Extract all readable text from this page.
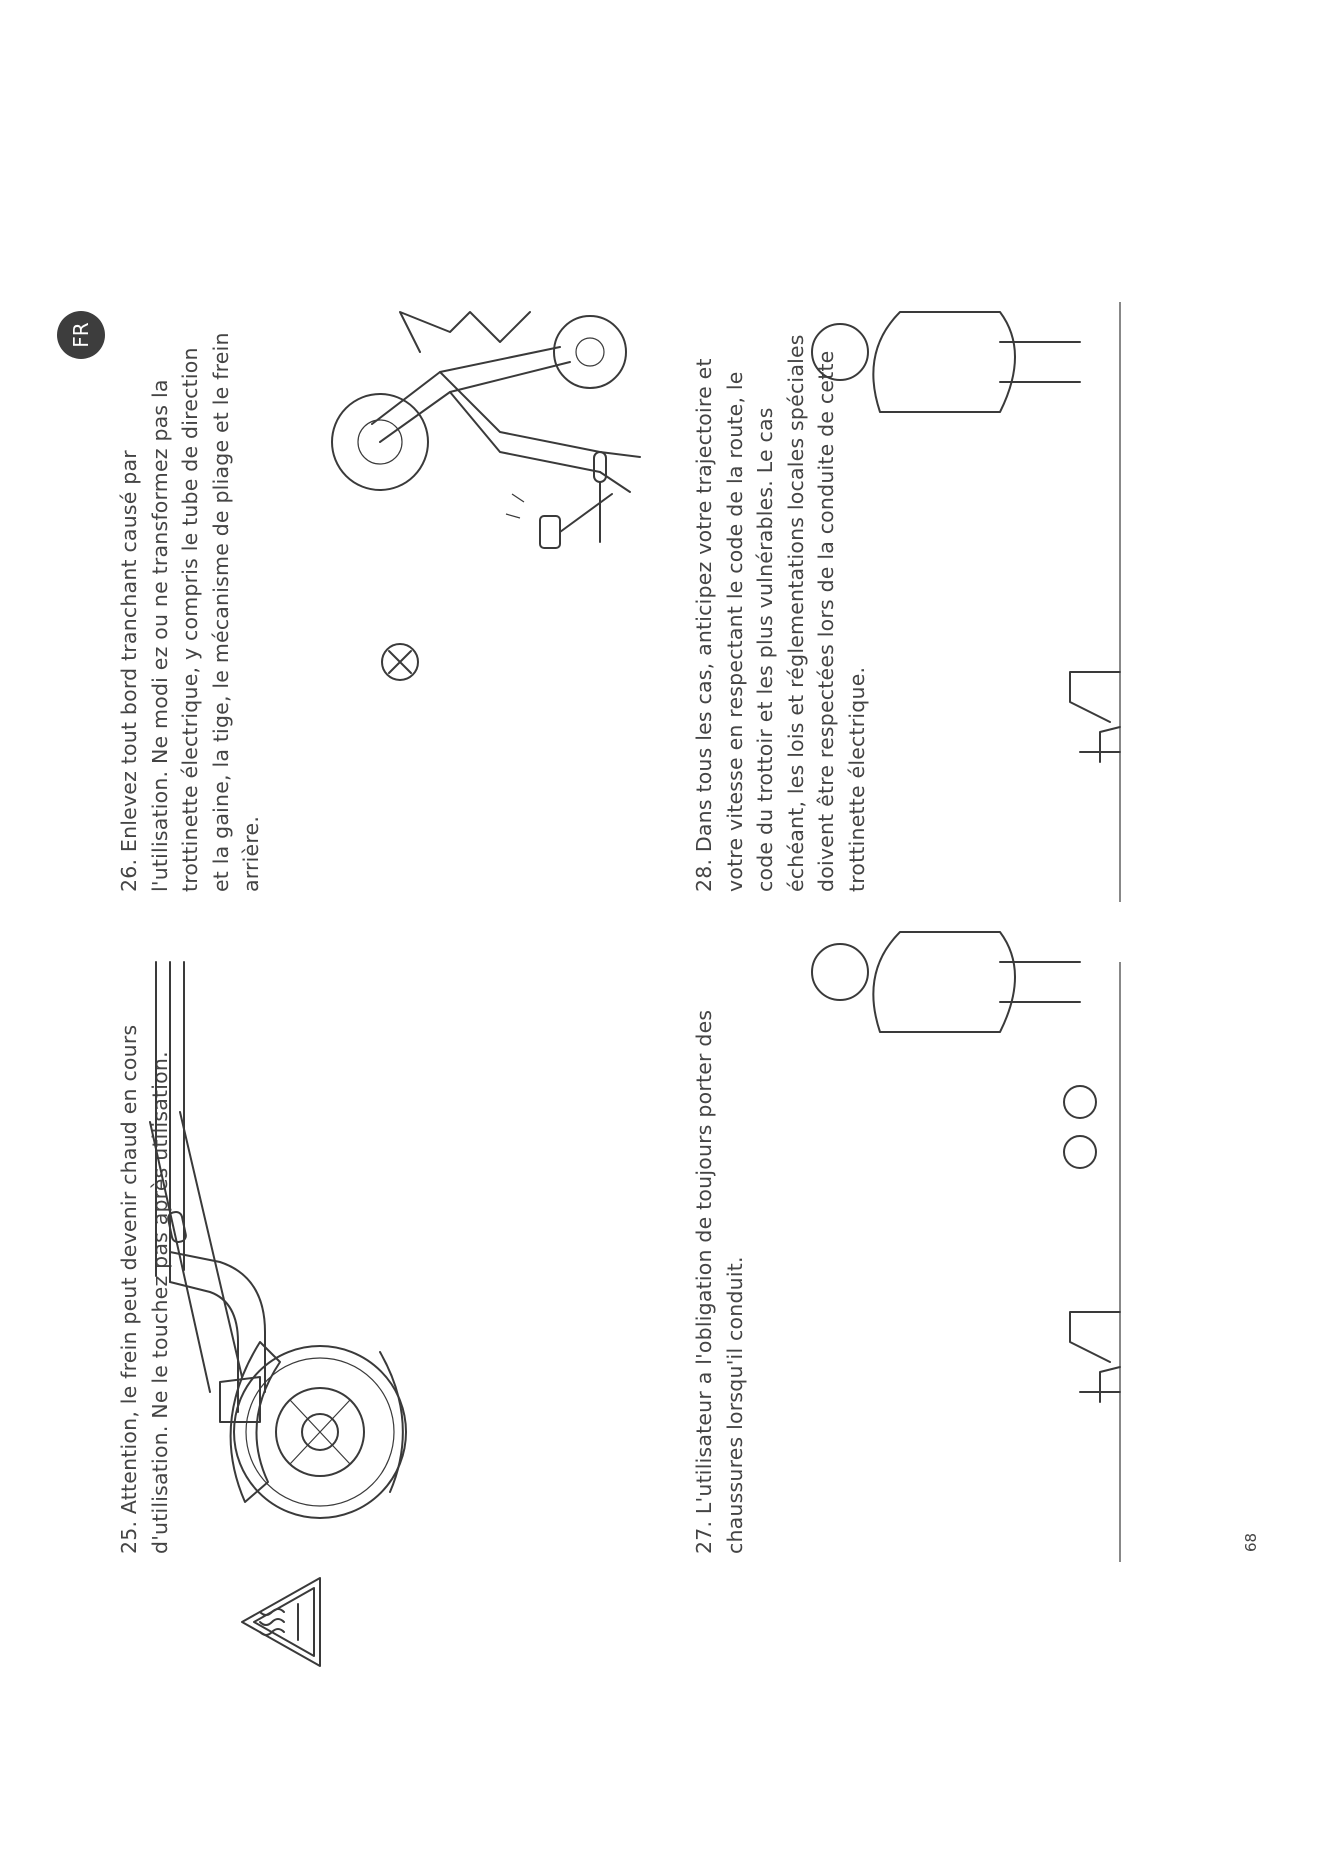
FR
25. Attention, le frein peut devenir chaud en cours d'utilisation. Ne le touchez pas après utilisation.
26. Enlevez tout bord tranchant causé par l'utilisation. Ne modi ez ou ne transformez pas la trottinette électrique, y compris le tube de direction et la gaine, la tige, le mécanisme de pliage et le frein arrière.
27. L'utilisateur a l'obligation de toujours porter des chaussures lorsqu'il conduit.
28. Dans tous les cas, anticipez votre trajectoire et votre vitesse en respectant le code de la route, le code du trottoir et les plus vulnérables. Le cas échéant, les lois et réglementations locales spéciales doivent être respectées lors de la conduite de cette trottinette électrique.
68
